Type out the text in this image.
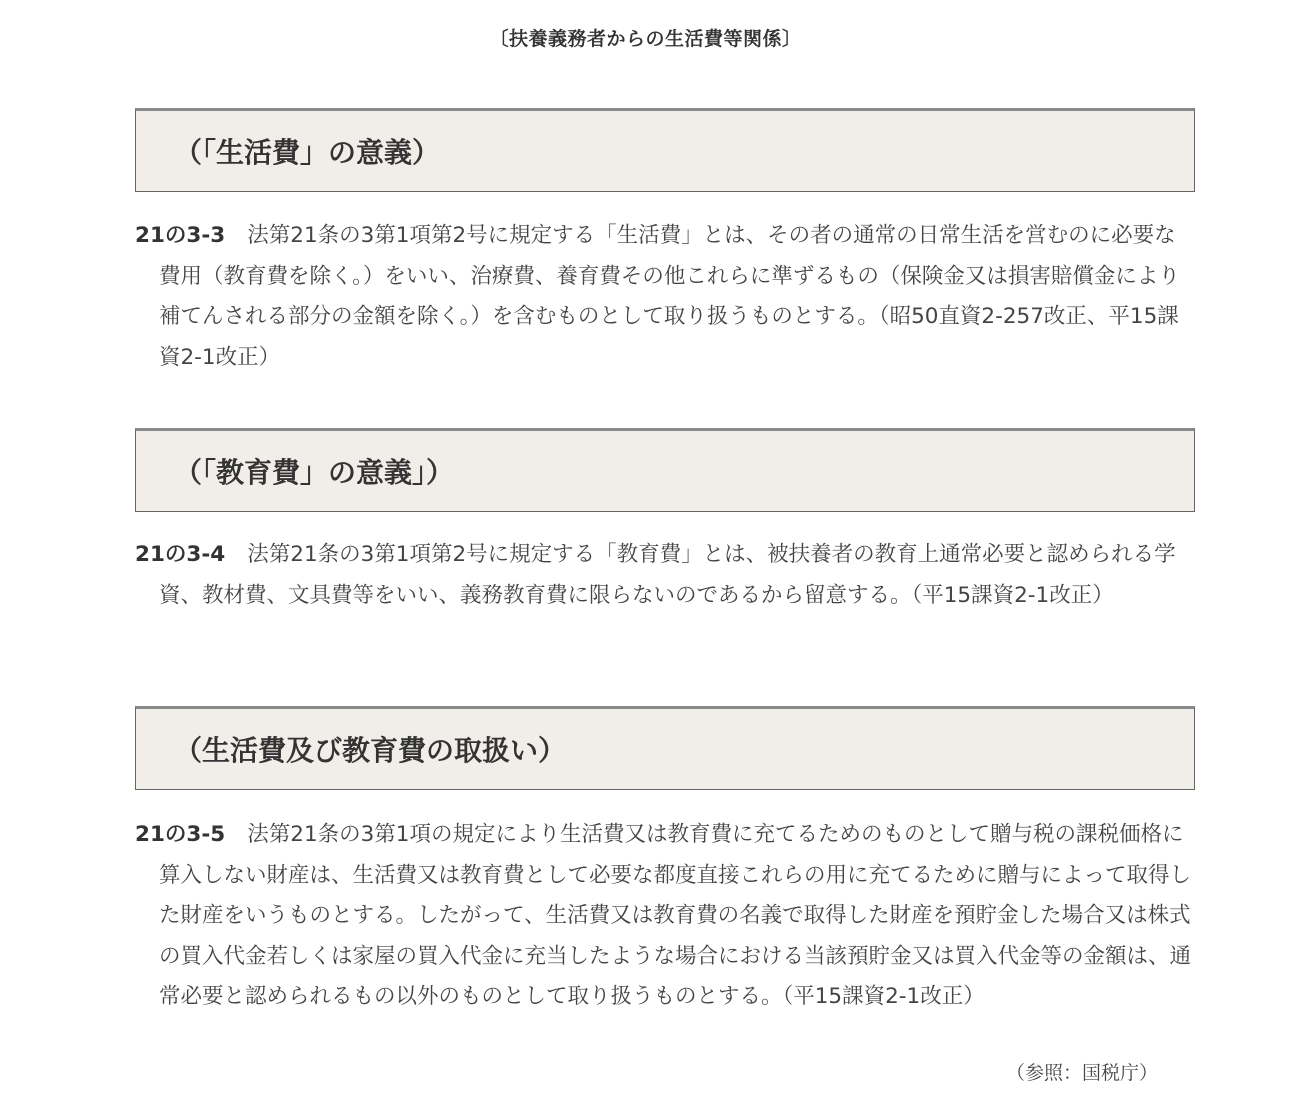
〔扶養義務者からの生活費等関係〕
（「生活費」の意義）
21の3-3 法第21条の3第1項第2号に規定する「生活費」とは、その者の通常の日常生活を営むのに必要な費用（教育費を除く。）をいい、治療費、養育費その他これらに準ずるもの（保険金又は損害賠償金により補てんされる部分の金額を除く。）を含むものとして取り扱うものとする。（昭50直資2-257改正、平15課資2-1改正）
（「教育費」の意義」）
21の3-4 法第21条の3第1項第2号に規定する「教育費」とは、被扶養者の教育上通常必要と認められる学資、教材費、文具費等をいい、義務教育費に限らないのであるから留意する。（平15課資2-1改正）
（生活費及び教育費の取扱い）
21の3-5 法第21条の3第1項の規定により生活費又は教育費に充てるためのものとして贈与税の課税価格に算入しない財産は、生活費又は教育費として必要な都度直接これらの用に充てるために贈与によって取得した財産をいうものとする。したがって、生活費又は教育費の名義で取得した財産を預貯金した場合又は株式の買入代金若しくは家屋の買入代金に充当したような場合における当該預貯金又は買入代金等の金額は、通常必要と認められるもの以外のものとして取り扱うものとする。（平15課資2-1改正）
（参照：国税庁）
